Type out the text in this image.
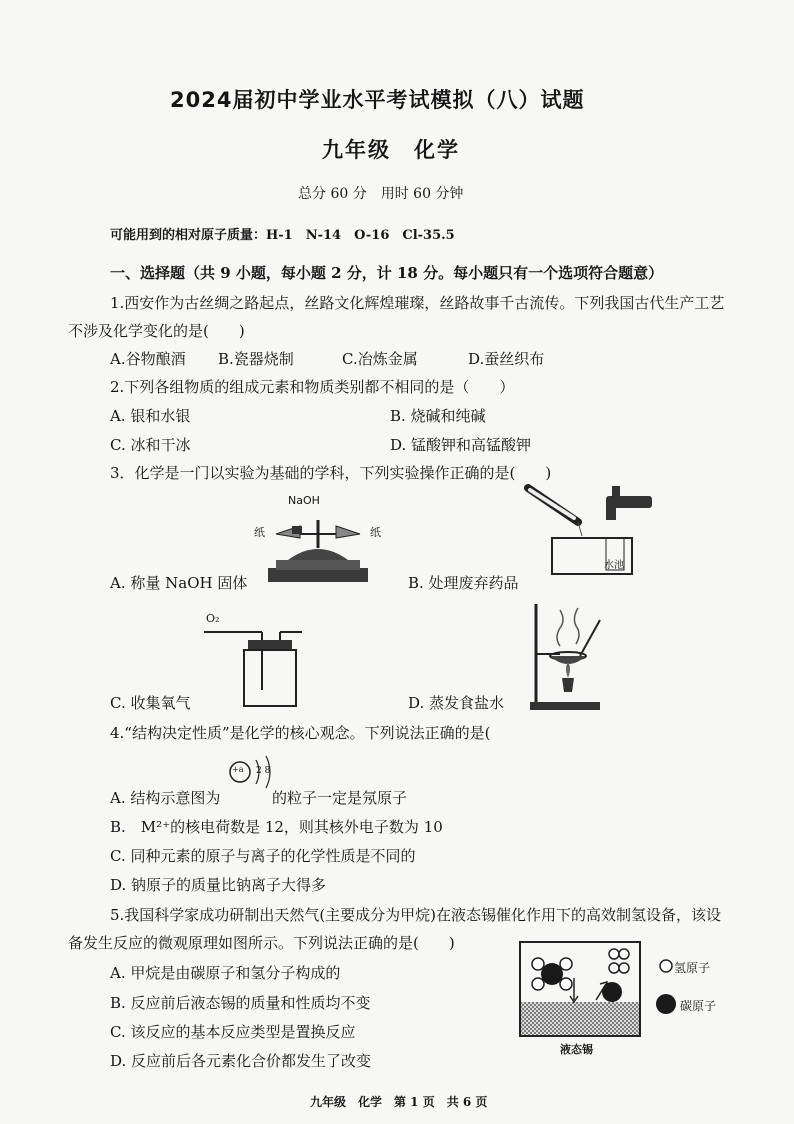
2024届初中学业水平考试模拟（八）试题
九年级　化学
总分 60 分　用时 60 分钟
可能用到的相对原子质量：H-1　N-14　O-16　Cl-35.5
一、选择题（共 9 小题，每小题 2 分，计 18 分。每小题只有一个选项符合题意）
1.西安作为古丝绸之路起点，丝路文化辉煌璀璨，丝路故事千古流传。下列我国古代生产工艺
不涉及化学变化的是(　　)
A.谷物酿酒 B.瓷器烧制	C.冶炼金属	D.蚕丝织布
2.下列各组物质的组成元素和物质类别都不相同的是（　　）
A. 银和水银	B. 烧碱和纯碱
C. 冰和干冰	D. 锰酸钾和高锰酸钾
3．化学是一门以实验为基础的学科，下列实验操作正确的是(　　)
NaOH
纸	纸
水池
A. 称量 NaOH 固体	B. 处理废弃药品
O₂
C. 收集氧气	D. 蒸发食盐水
4.“结构决定性质”是化学的核心观念。下列说法正确的是(
+a 2 8
A. 结构示意图为	的粒子一定是氖原子
B.　M²⁺的核电荷数是 12，则其核外电子数为 10
C. 同种元素的原子与离子的化学性质是不同的
D. 钠原子的质量比钠离子大得多
5.我国科学家成功研制出天然气(主要成分为甲烷)在液态锡催化作用下的高效制氢设备，该设
备发生反应的微观原理如图所示。下列说法正确的是(　　)
A. 甲烷是由碳原子和氢分子构成的
B. 反应前后液态锡的质量和性质均不变
C. 该反应的基本反应类型是置换反应
D. 反应前后各元素化合价都发生了改变
氢原子
碳原子
液态锡
九年级　化学　第 1 页　共 6 页
